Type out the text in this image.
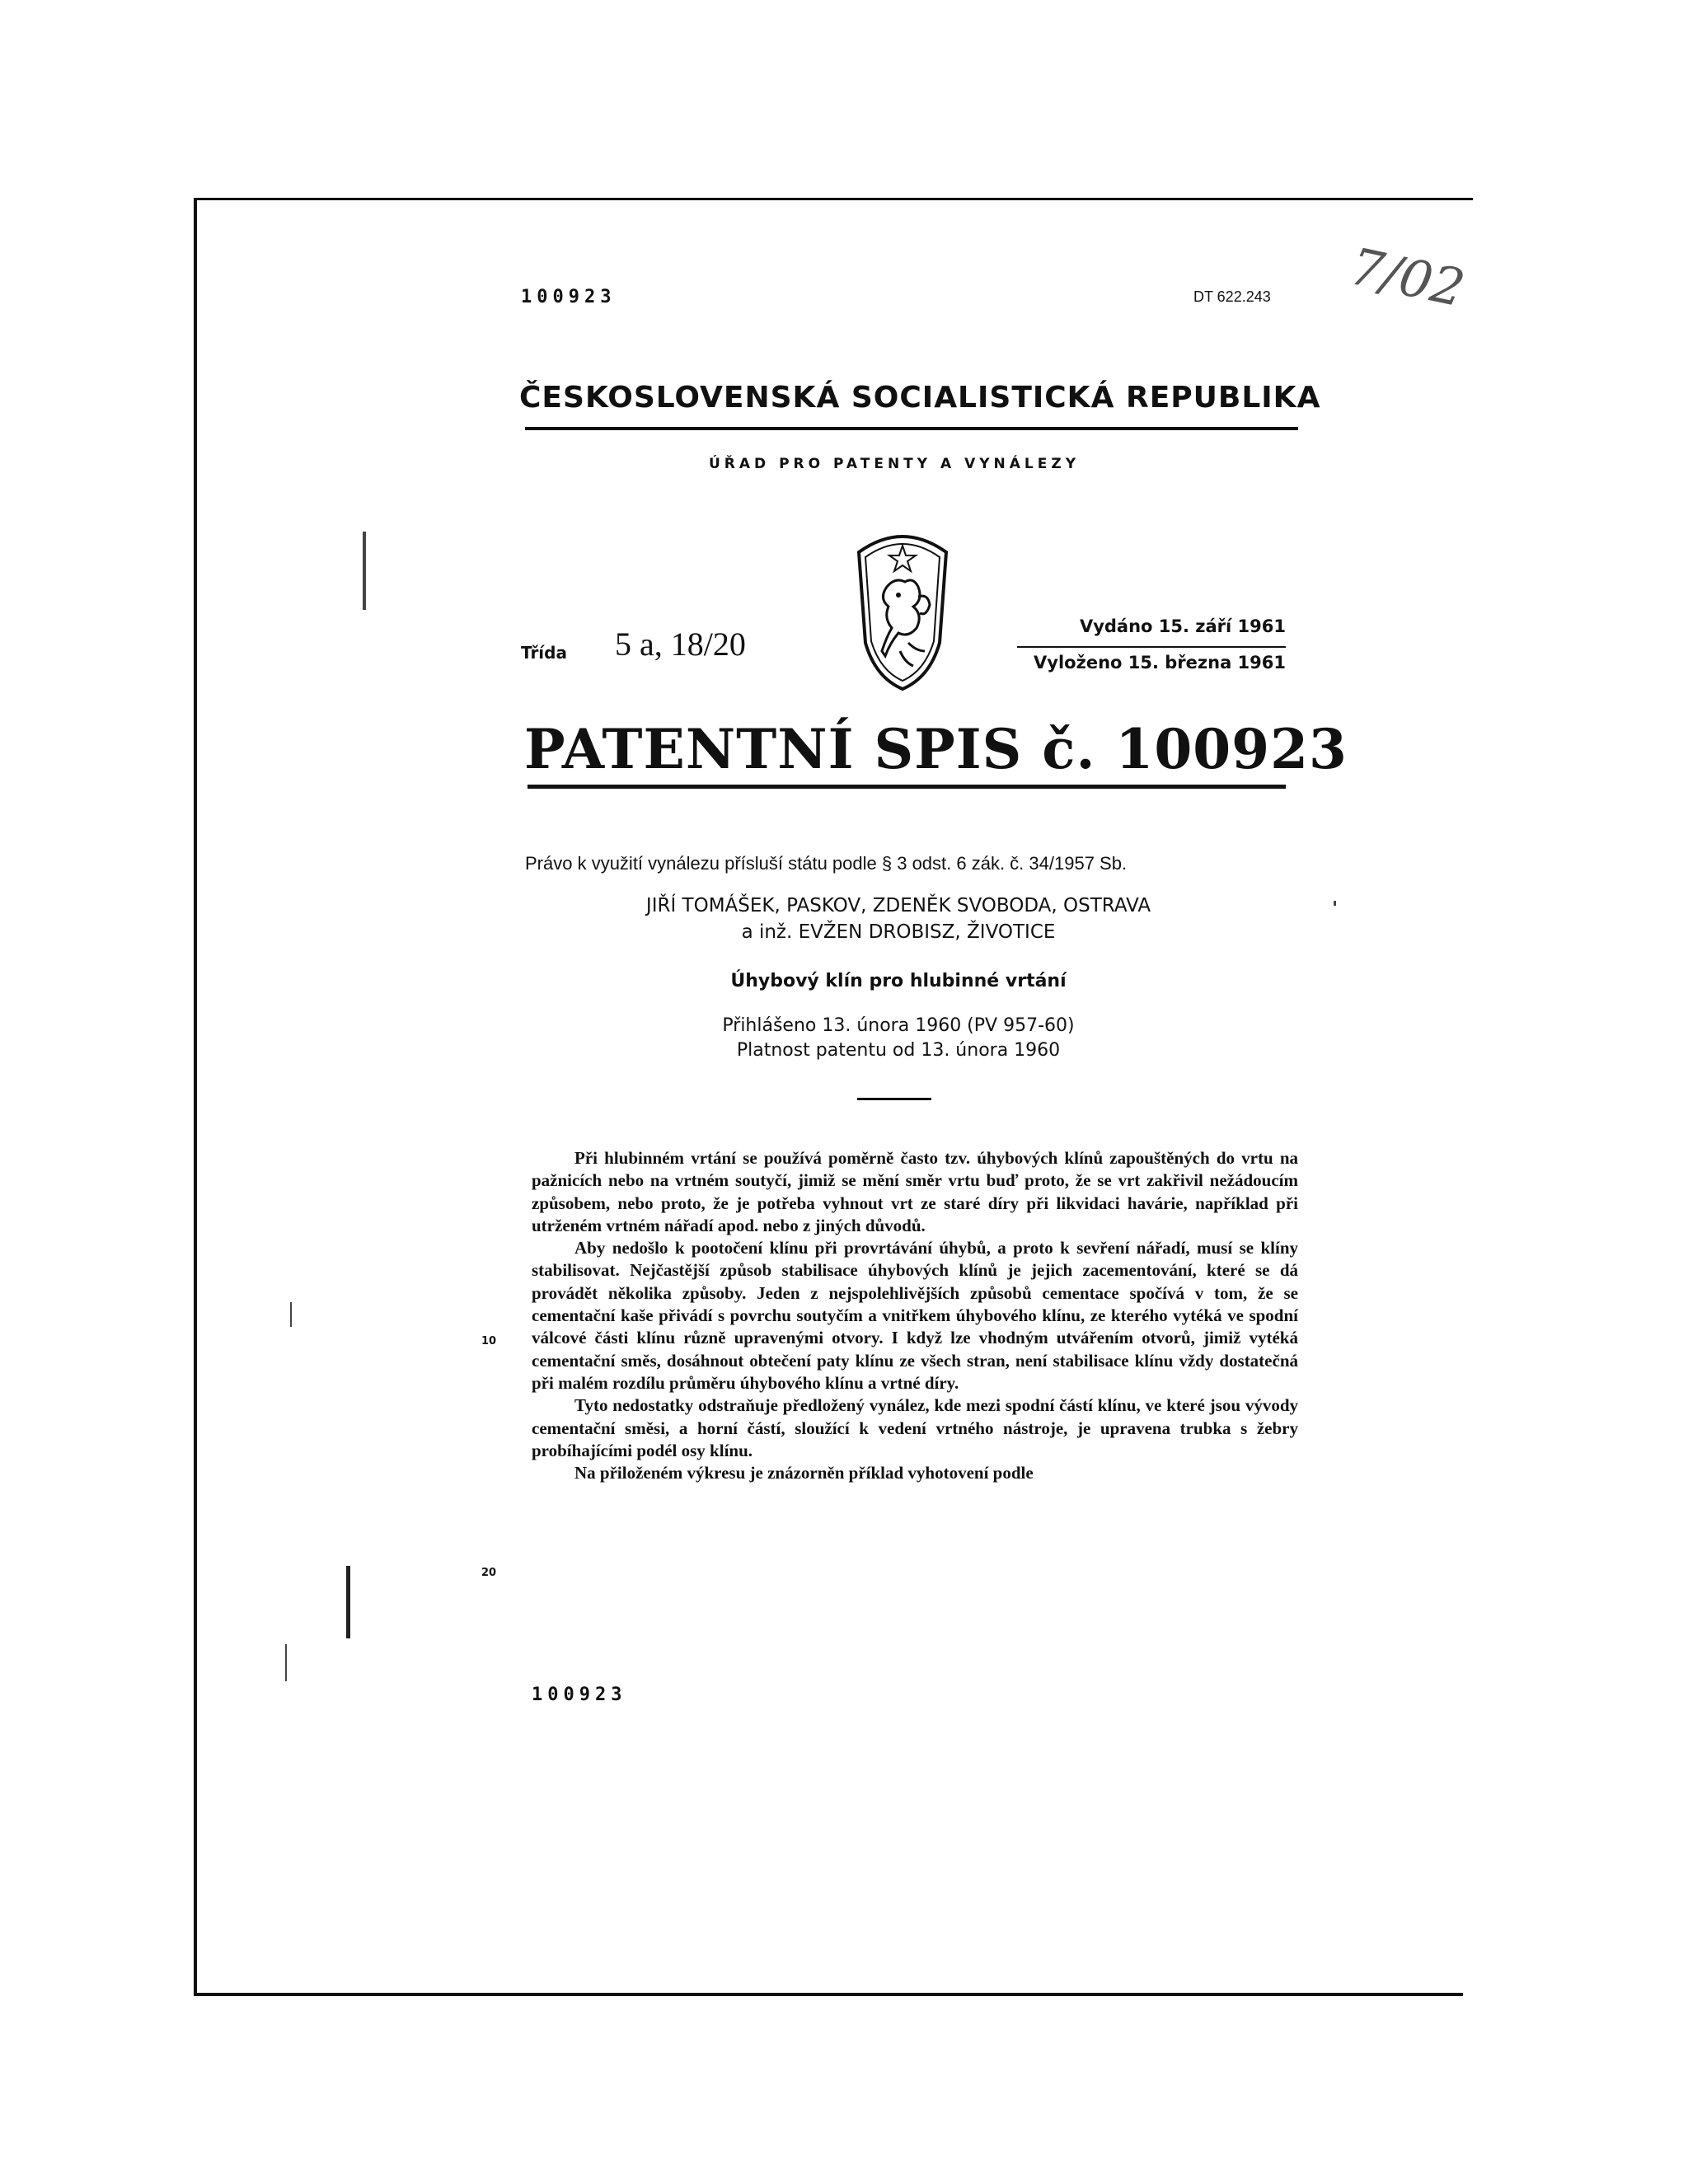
100923	DT 622.243 7/02
ČESKOSLOVENSKÁ SOCIALISTICKÁ REPUBLIKA
ÚŘAD PRO PATENTY A VYNÁLEZY
Třída 5 a, 18/20	Vydáno 15. září 1961
Vyloženo 15. března 1961
PATENTNÍ SPIS č. 100923
Právo k využití vynálezu přísluší státu podle § 3 odst. 6 zák. č. 34/1957 Sb.
JIŘÍ TOMÁŠEK, PASKOV, ZDENĚK SVOBODA, OSTRAVA
a inž. EVŽEN DROBISZ, ŽIVOTICE
Úhybový klín pro hlubinné vrtání
Přihlášeno 13. února 1960 (PV 957-60)
Platnost patentu od 13. února 1960

Při hlubinném vrtání se používá poměrně často tzv. úhybových klínů zapouštěných do vrtu na pažnicích nebo na vrtném soutyčí, jimiž se mění směr vrtu buď proto, že se vrt zakřivil nežádoucím způsobem, nebo proto, že je potřeba vyhnout vrt ze staré díry při likvidaci havárie, například při utrženém vrtném nářadí apod. nebo z jiných důvodů.

Aby nedošlo k pootočení klínu při provrtávání úhybů, a proto k sevření nářadí, musí se klíny stabilisovat. Nejčastější způsob stabilisace úhybových klínů je jejich zacementování, které se dá provádět několika způsoby. Jeden z nejspolehlivějších způsobů cementace spočívá v tom, že se cementační kaše přivádí s povrchu soutyčím a vnitřkem úhybového klínu, ze kterého vytéká ve spodní válcové části klínu různě upravenými otvory. I když lze vhodným utvářením otvorů, jimiž vytéká cementační směs, dosáhnout obtečení paty klínu ze všech stran, není stabilisace klínu vždy dostatečná při malém rozdílu průměru úhybového klínu a vrtné díry.

Tyto nedostatky odstraňuje předložený vynález, kde mezi spodní částí klínu, ve které jsou vývody cementační směsi, a horní částí, sloužící k vedení vrtného nástroje, je upravena trubka s žebry probíhajícími podél osy klínu.

Na přiloženém výkresu je znázorněn příklad vyhotovení podle

10
20
100923
